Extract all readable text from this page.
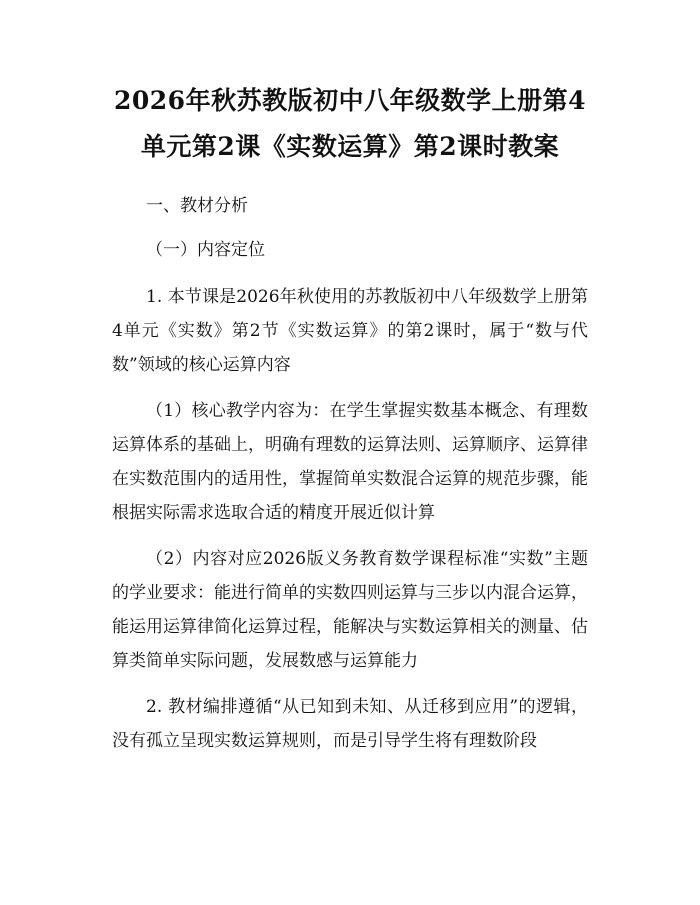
2026年秋苏教版初中八年级数学上册第4单元第2课《实数运算》第2课时教案

一、教材分析

（一）内容定位

1. 本节课是2026年秋使用的苏教版初中八年级数学上册第4单元《实数》第2节《实数运算》的第2课时，属于“数与代数”领域的核心运算内容

（1）核心教学内容为：在学生掌握实数基本概念、有理数运算体系的基础上，明确有理数的运算法则、运算顺序、运算律在实数范围内的适用性，掌握简单实数混合运算的规范步骤，能根据实际需求选取合适的精度开展近似计算

（2）内容对应2026版义务教育数学课程标准“实数”主题的学业要求：能进行简单的实数四则运算与三步以内混合运算，能运用运算律简化运算过程，能解决与实数运算相关的测量、估算类简单实际问题，发展数感与运算能力

2. 教材编排遵循“从已知到未知、从迁移到应用”的逻辑，没有孤立呈现实数运算规则，而是引导学生将有理数阶段
